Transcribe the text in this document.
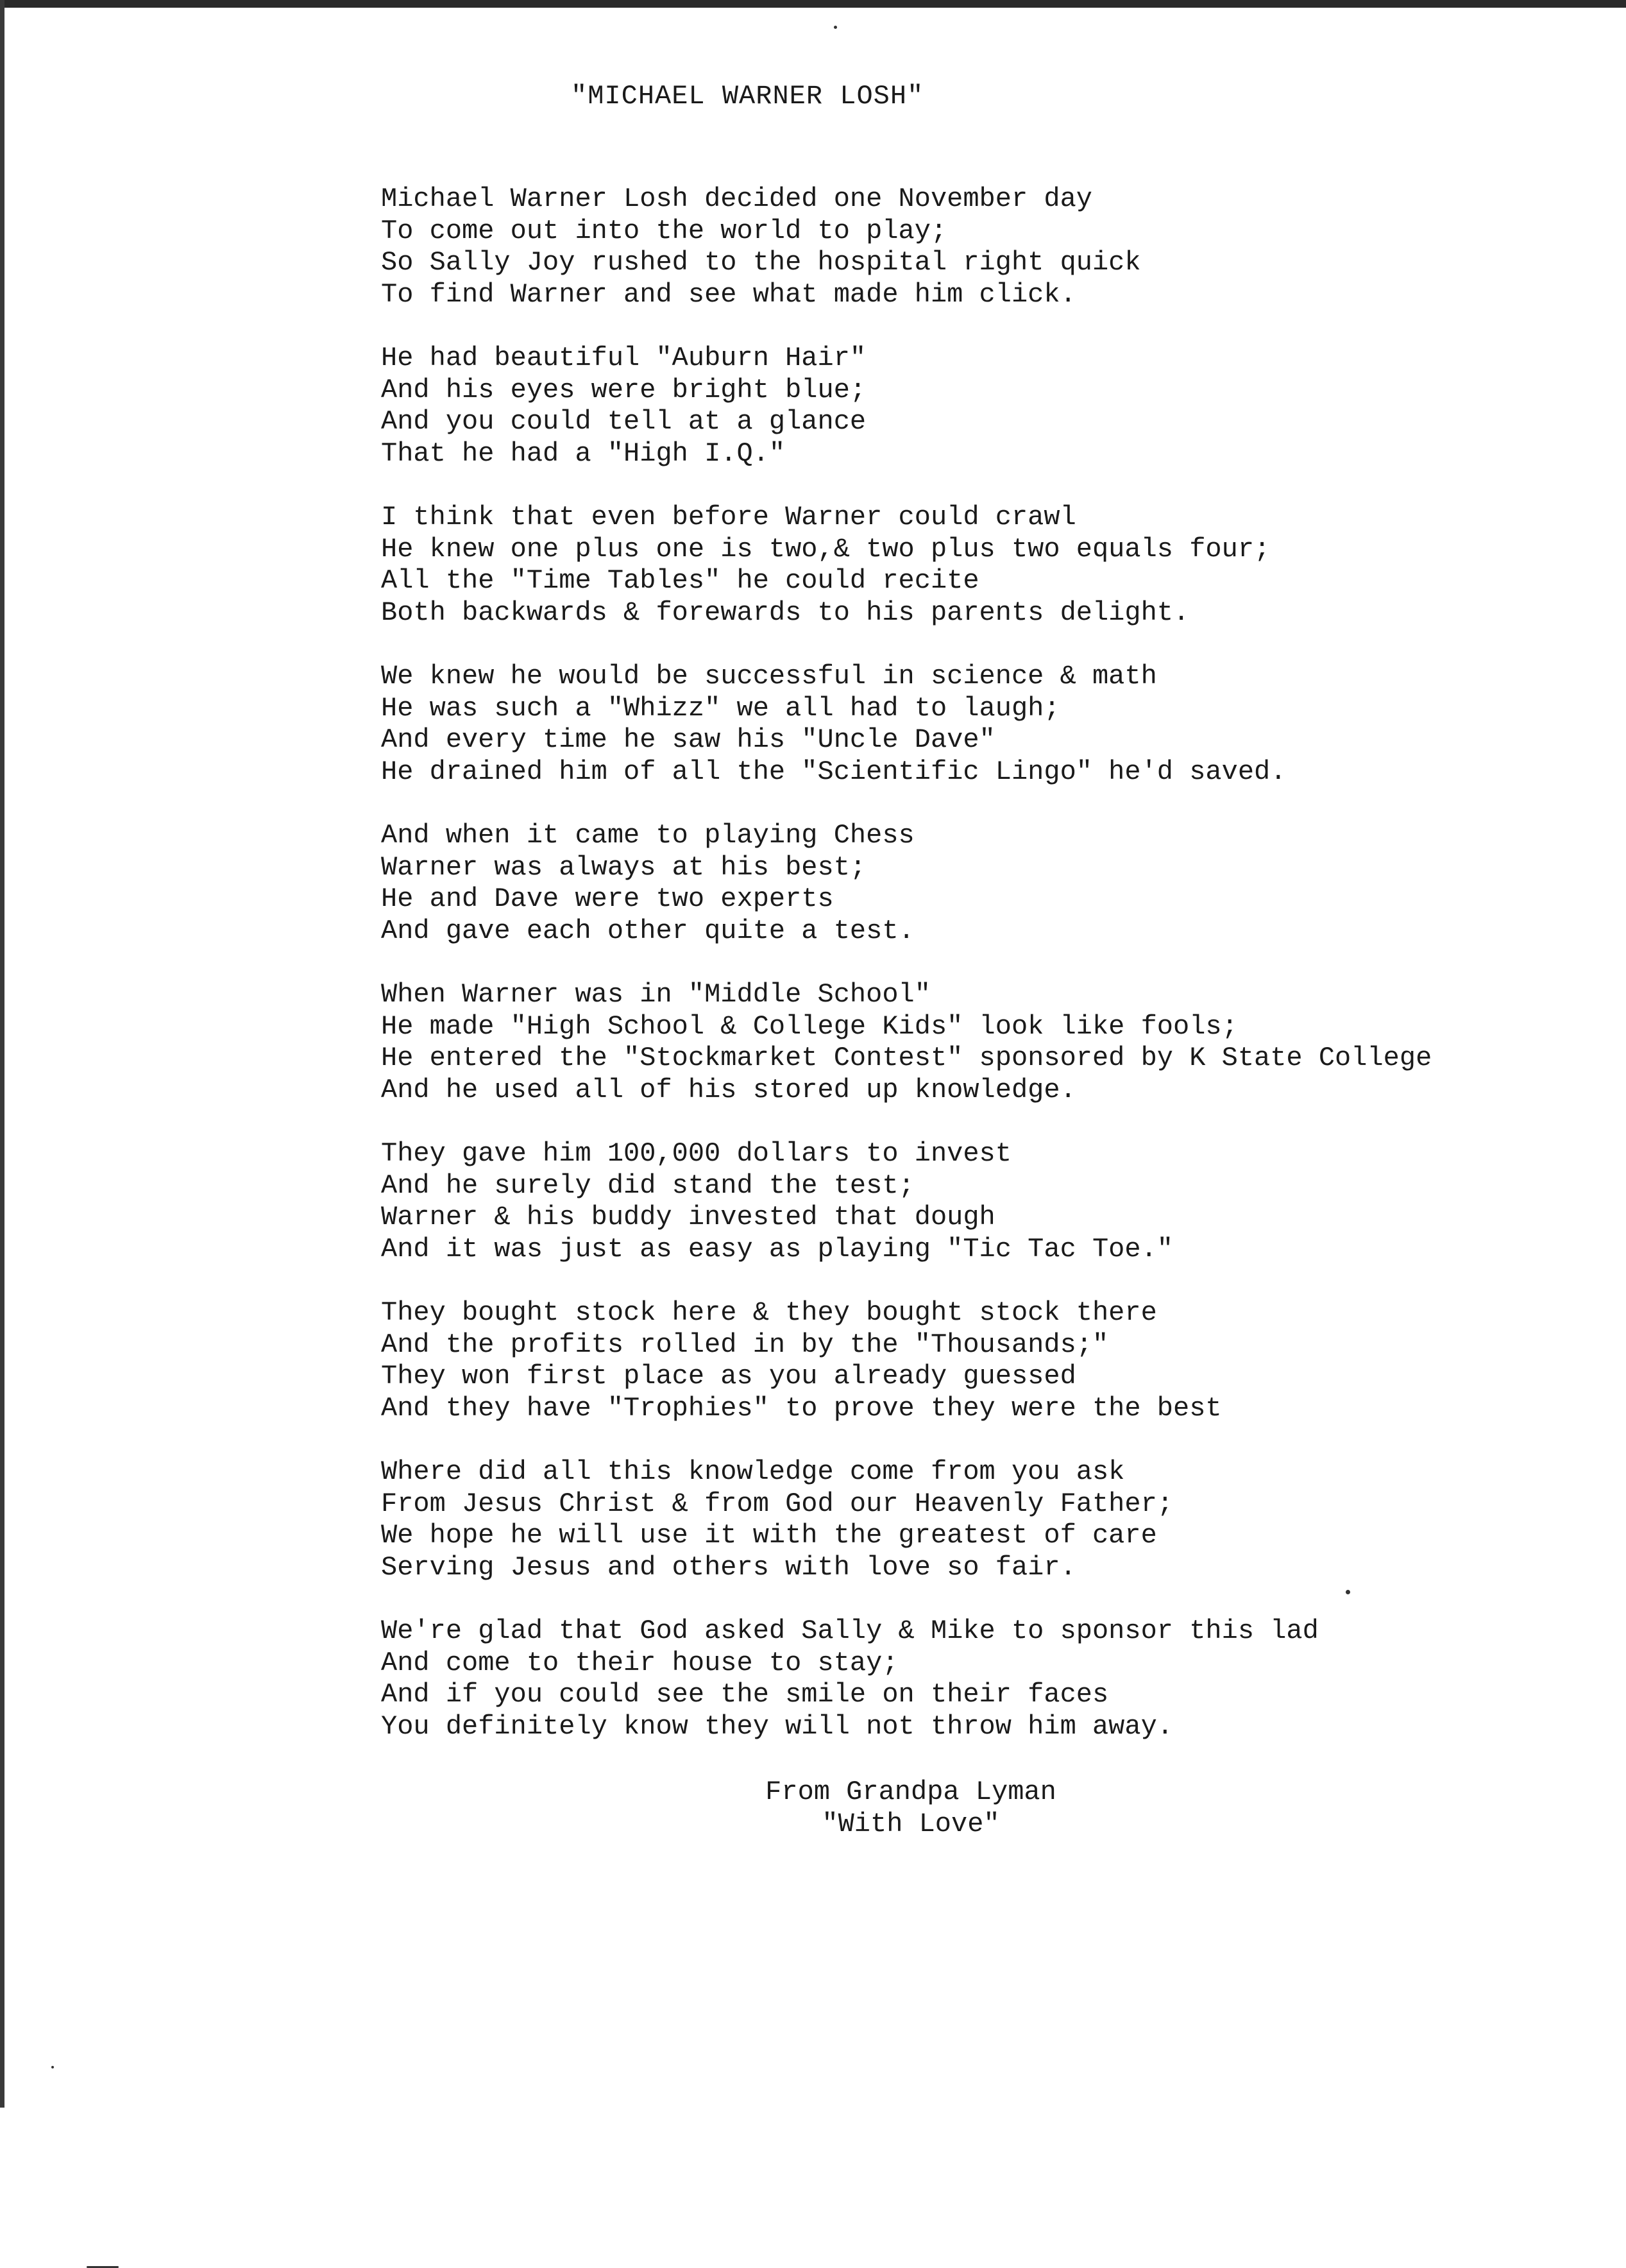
"MICHAEL WARNER LOSH"
Michael Warner Losh decided one November day
To come out into the world to play;
So Sally Joy rushed to the hospital right quick
To find Warner and see what made him click.
He had beautiful "Auburn Hair"
And his eyes were bright blue;
And you could tell at a glance
That he had a "High I.Q."
I think that even before Warner could crawl
He knew one plus one is two,& two plus two equals four;
All the "Time Tables" he could recite
Both backwards & forewards to his parents delight.
We knew he would be successful in science & math
He was such a "Whizz" we all had to laugh;
And every time he saw his "Uncle Dave"
He drained him of all the "Scientific Lingo" he'd saved.
And when it came to playing Chess
Warner was always at his best;
He and Dave were two experts
And gave each other quite a test.
When Warner was in "Middle School"
He made "High School & College Kids" look like fools;
He entered the "Stockmarket Contest" sponsored by K State College
And he used all of his stored up knowledge.
They gave him 100,000 dollars to invest
And he surely did stand the test;
Warner & his buddy invested that dough
And it was just as easy as playing "Tic Tac Toe."
They bought stock here & they bought stock there
And the profits rolled in by the "Thousands;"
They won first place as you already guessed
And they have "Trophies" to prove they were the best
Where did all this knowledge come from you ask
From Jesus Christ & from God our Heavenly Father;
We hope he will use it with the greatest of care
Serving Jesus and others with love so fair.
We're glad that God asked Sally & Mike to sponsor this lad
And come to their house to stay;
And if you could see the smile on their faces
You definitely know they will not throw him away.
From Grandpa Lyman
"With Love"
